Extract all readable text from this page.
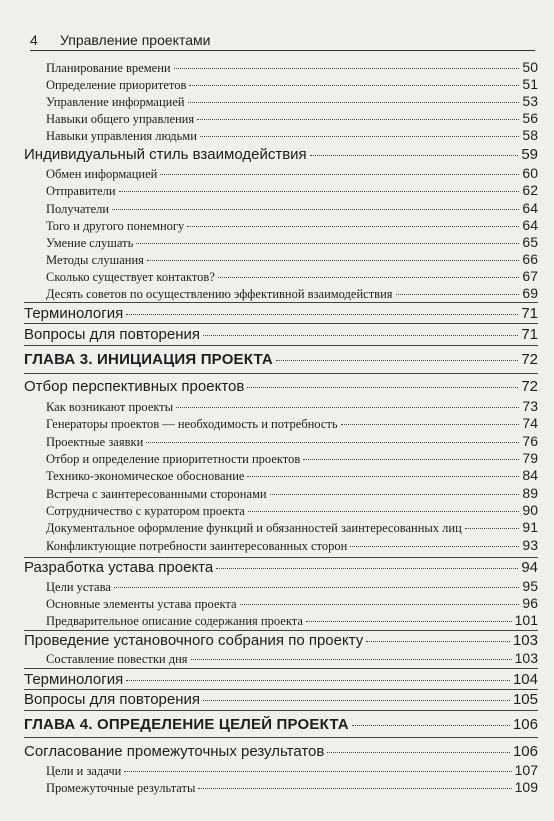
4	Управление проектами
Планирование времени	50
Определение приоритетов	51
Управление информацией	53
Навыки общего управления	56
Навыки управления людьми	58
Индивидуальный стиль взаимодействия	59
Обмен информацией	60
Отправители	62
Получатели	64
Того и другого понемногу	64
Умение слушать	65
Методы слушания	66
Сколько существует контактов?	67
Десять советов по осуществлению эффективной взаимодействия	69
Терминология	71
Вопросы для повторения	71
ГЛАВА 3. ИНИЦИАЦИЯ ПРОЕКТА	72
Отбор перспективных проектов	72
Как возникают проекты	73
Генераторы проектов — необходимость и потребность	74
Проектные заявки	76
Отбор и определение приоритетности проектов	79
Технико-экономическое обоснование	84
Встреча с заинтересованными сторонами	89
Сотрудничество с куратором проекта	90
Документальное оформление функций и обязанностей заинтересованных лиц	91
Конфликтующие потребности заинтересованных сторон	93
Разработка устава проекта	94
Цели устава	95
Основные элементы устава проекта	96
Предварительное описание содержания проекта	101
Проведение установочного собрания по проекту	103
Составление повестки дня	103
Терминология	104
Вопросы для повторения	105
ГЛАВА 4. ОПРЕДЕЛЕНИЕ ЦЕЛЕЙ ПРОЕКТА	106
Согласование промежуточных результатов	106
Цели и задачи	107
Промежуточные результаты	109
